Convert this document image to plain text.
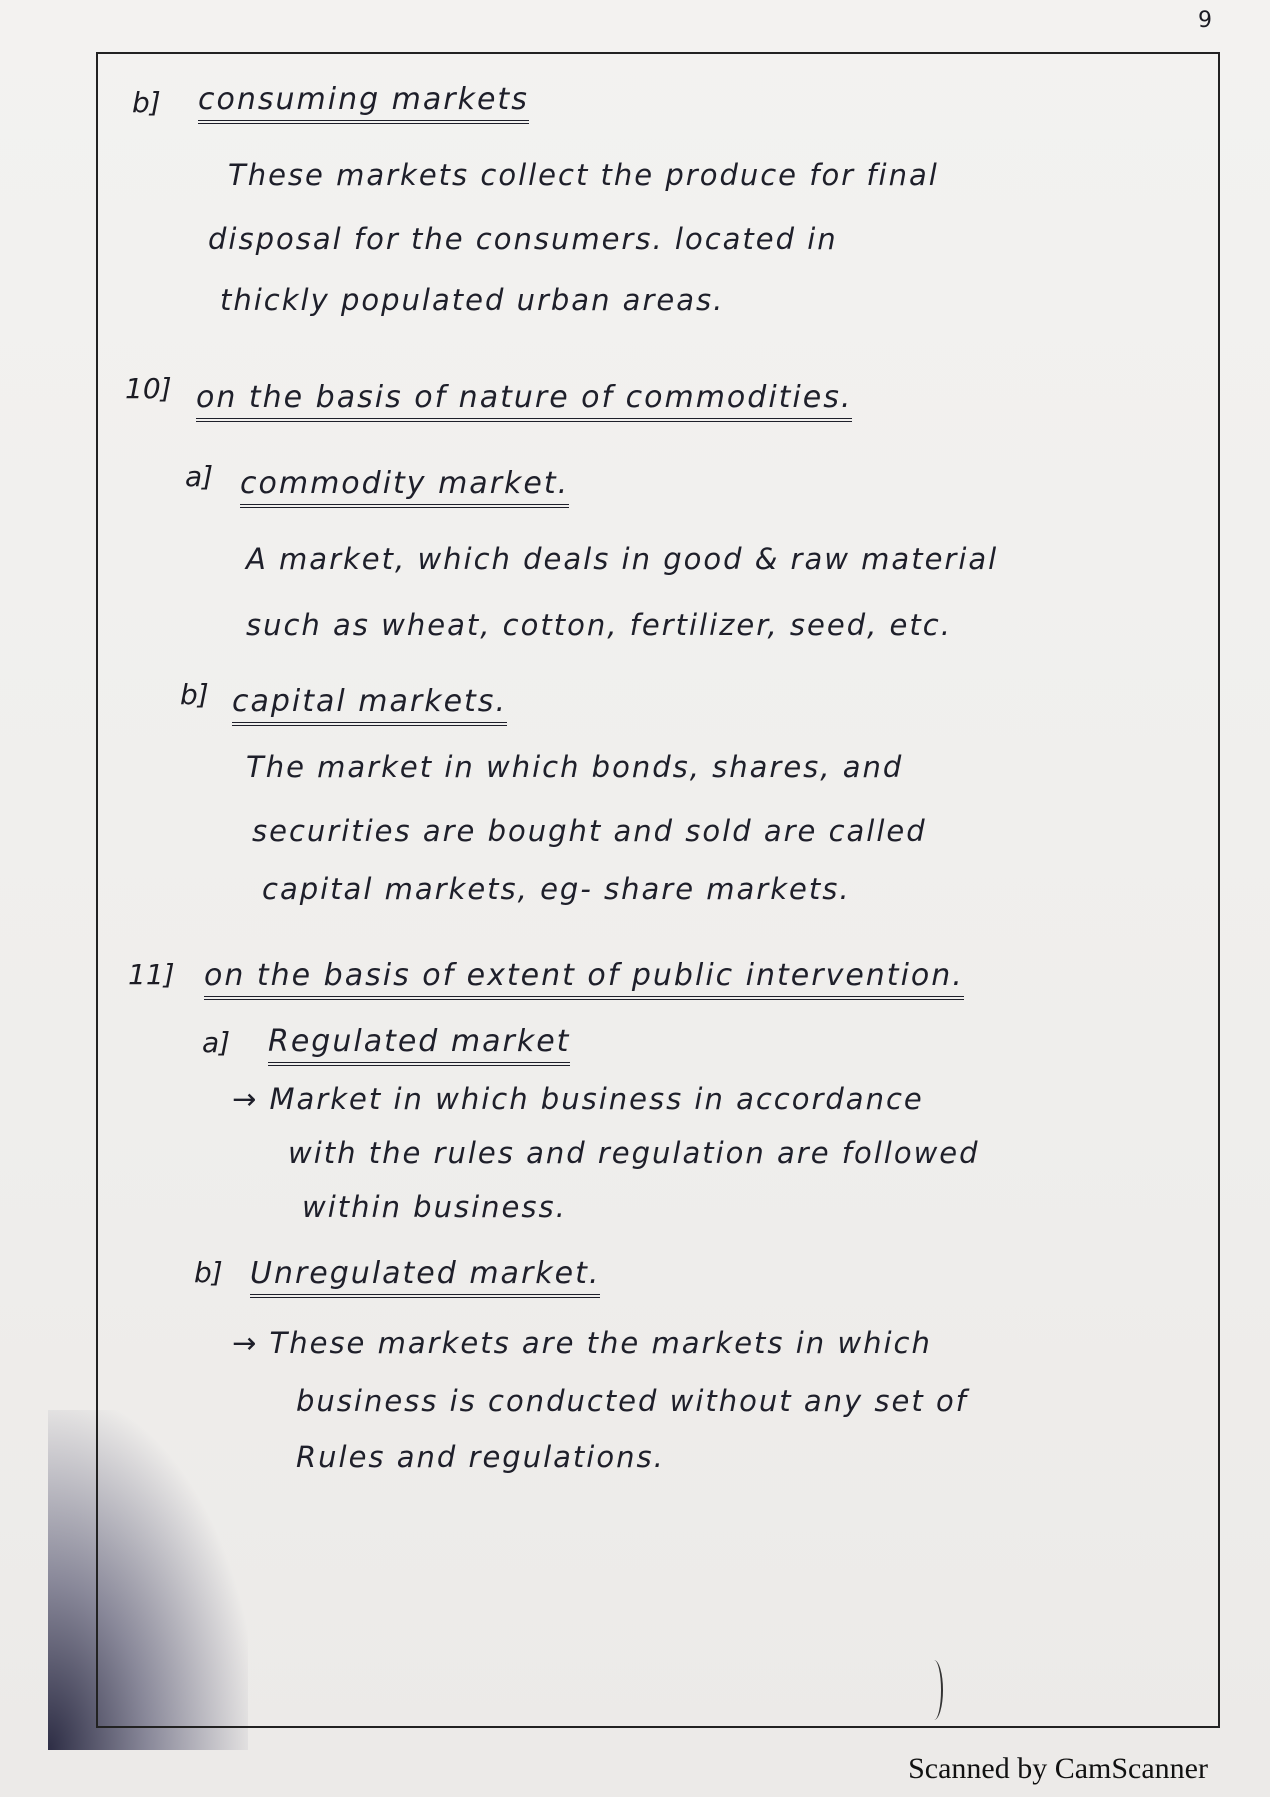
9
b] consuming markets
These markets collect the produce for final
disposal for the consumers. located in
thickly populated urban areas.
10] on the basis of nature of commodities.
a] commodity market.
A market, which deals in good & raw material
such as wheat, cotton, fertilizer, seed, etc.
b] capital markets.
The market in which bonds, shares, and
securities are bought and sold are called
capital markets, eg- share markets.
11] on the basis of extent of public intervention.
a] Regulated market
→ Market in which business in accordance
with the rules and regulation are followed
within business.
b] Unregulated market.
→ These markets are the markets in which
business is conducted without any set of
Rules and regulations.
Scanned by CamScanner
